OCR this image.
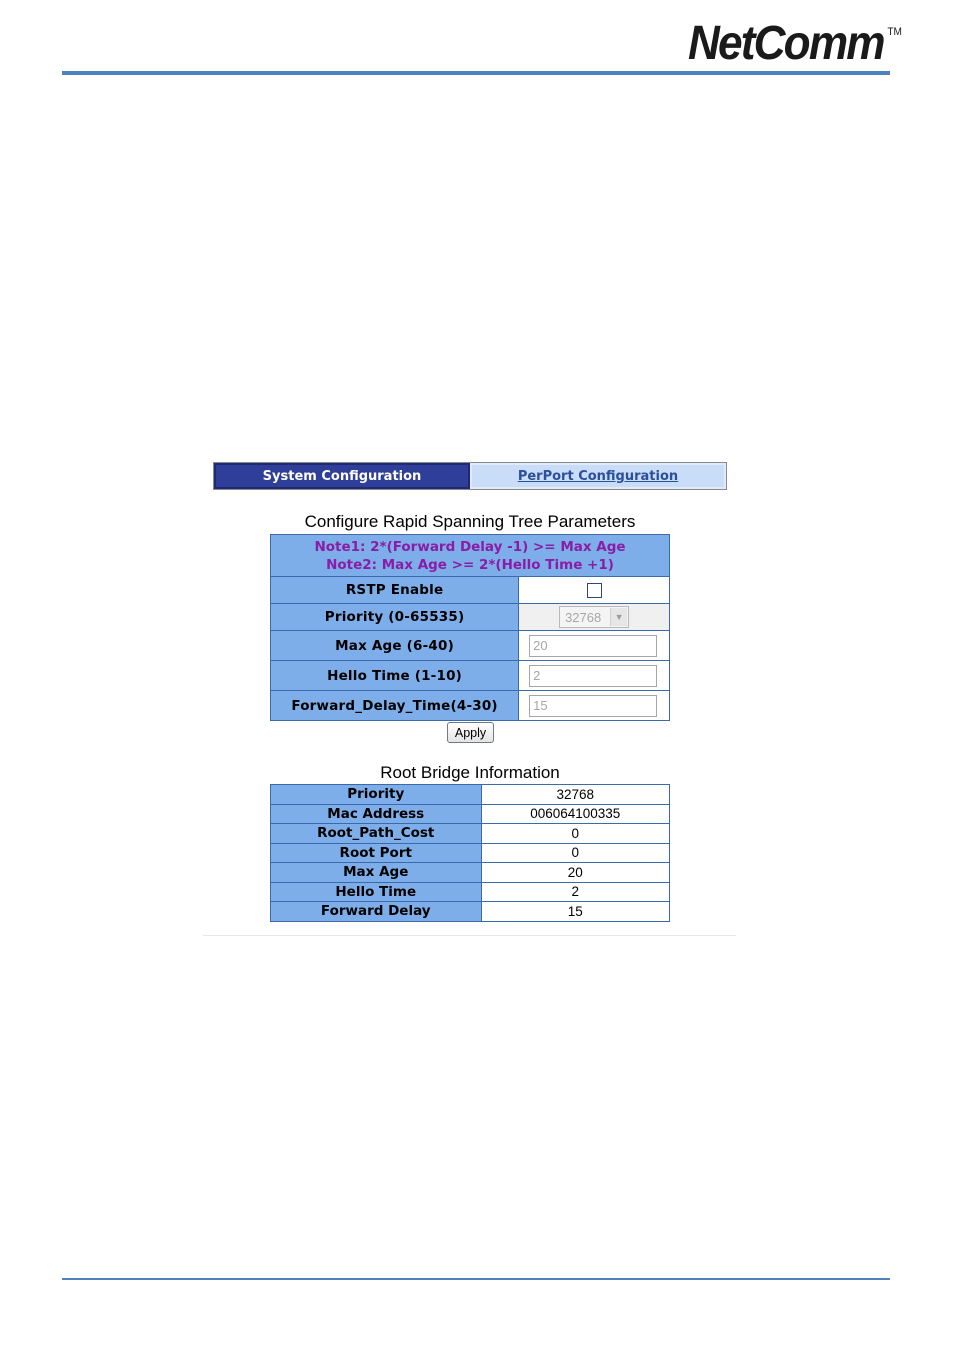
NetComm ™
System Configuration	PerPort Configuration
Configure Rapid Spanning Tree Parameters
Note1: 2*(Forward Delay -1) >= Max Age
Note2: Max Age >= 2*(Hello Time +1)	

RSTP Enable	

Priority (0-65535)	32768 ▼

Max Age (6-40)	20

Hello Time (1-10)	2

Forward_Delay_Time(4-30)	15
Apply
Root Bridge Information
Priority	32768
Mac Address	006064100335
Root_Path_Cost	0
Root Port	0
Max Age	20
Hello Time	2
Forward Delay	15
